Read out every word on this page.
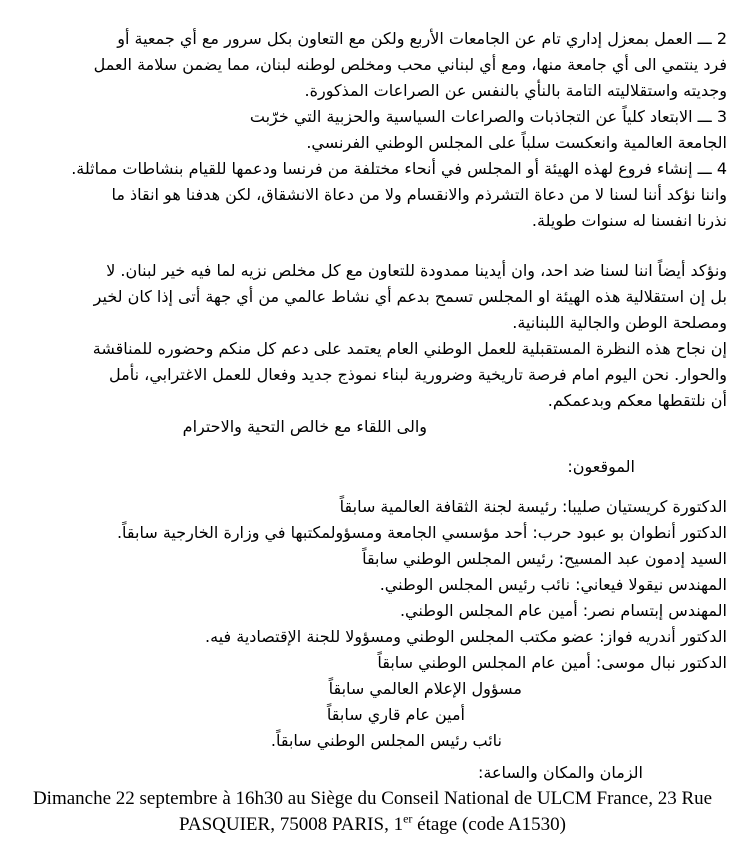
2 ـــ العمل بمعزل إداري تام عن الجامعات الأربع ولكن مع التعاون بكل سرور مع أي جمعية أو
فرد ينتمي الى أي جامعة منها، ومع أي لبناني محب ومخلص لوطنه لبنان، مما يضمن سلامة العمل
وجديته واستقلاليته التامة بالنأي بالنفس عن الصراعات المذكورة.
3 ـــ الابتعاد كلياً عن التجاذبات والصراعات السياسية والحزبية التي خرّبت
الجامعة العالمية وانعكست سلباً على المجلس الوطني الفرنسي.
4 ـــ إنشاء فروع لهذه الهيئة أو المجلس في أنحاء مختلفة من فرنسا ودعمها للقيام بنشاطات مماثلة.
واننا نؤكد أننا لسنا لا من دعاة التشرذم والانقسام ولا من دعاة الانشقاق، لكن هدفنا هو انقاذ ما
نذرنا انفسنا له سنوات طويلة.
ونؤكد أيضاً اننا لسنا ضد احد، وان أيدينا ممدودة للتعاون مع كل مخلص نزيه لما فيه خير لبنان. لا
بل إن استقلالية هذه الهيئة او المجلس تسمح بدعم أي نشاط عالمي من أي جهة أتى إذا كان لخير
ومصلحة الوطن والجالية اللبنانية.
إن نجاح هذه النظرة المستقبلية للعمل الوطني العام يعتمد على دعم كل منكم وحضوره للمناقشة
والحوار. نحن اليوم امام فرصة تاريخية وضرورية لبناء نموذج جديد وفعال للعمل الاغترابي، نأمل
أن نلتقطها معكم وبدعمكم.
والى اللقاء مع خالص التحية والاحترام
الموقعون:
الدكتورة كريستيان صليبا: رئيسة لجنة الثقافة العالمية سابقاً
الدكتور أنطوان بو عبود حرب: أحد مؤسسي الجامعة ومسؤولمكتبها في وزارة الخارجية سابقاً.
السيد إدمون عبد المسيح: رئيس المجلس الوطني سابقاً
المهندس نيقولا فيعاني: نائب رئيس المجلس الوطني.
المهندس إبتسام نصر: أمين عام المجلس الوطني.
الدكتور أندريه فواز: عضو مكتب المجلس الوطني ومسؤولا للجنة الإقتصادية فيه.
الدكتور نبال موسى: أمين عام المجلس الوطني سابقاً
مسؤول الإعلام العالمي سابقاً
أمين عام قاري سابقاً
نائب رئيس المجلس الوطني سابقاً.
الزمان والمكان والساعة:
Dimanche 22 septembre à 16h30 au Siège du Conseil National de ULCM France, 23 Rue
PASQUIER, 75008 PARIS, 1er étage (code A1530)
